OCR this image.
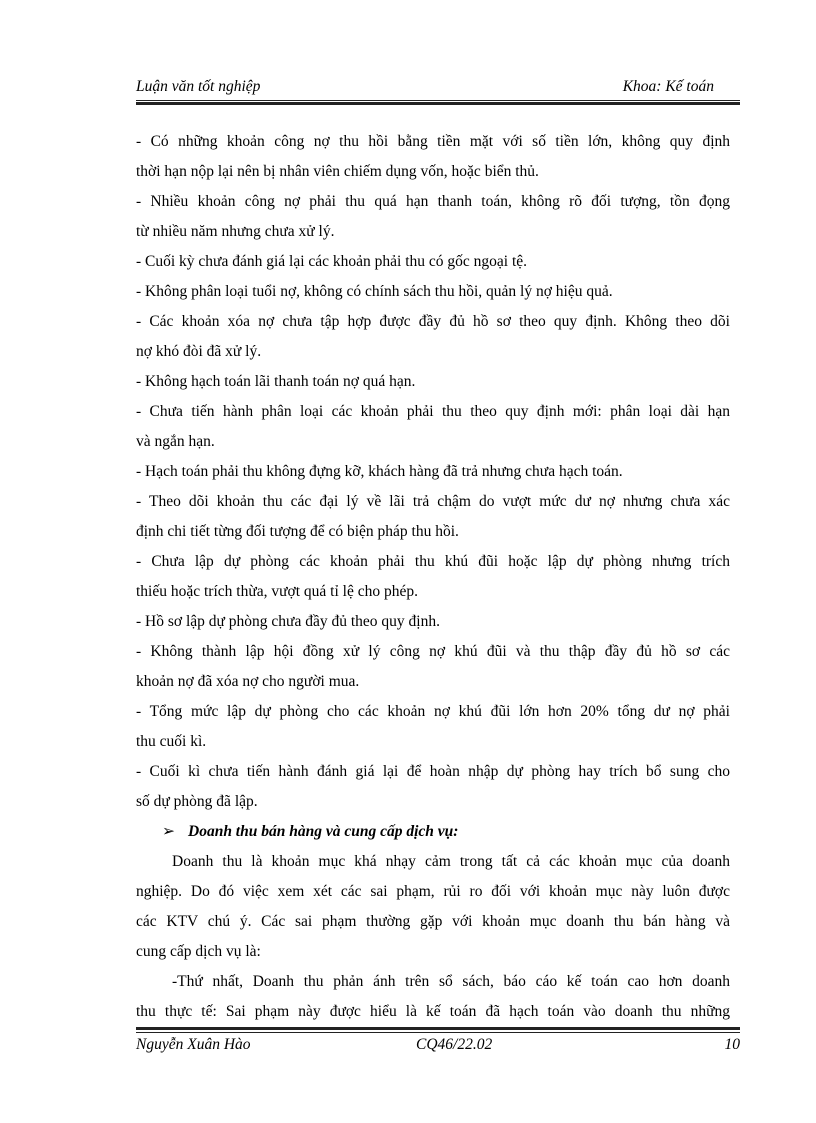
Luận văn tốt nghiệp	Khoa: Kế toán
- Có những khoản công nợ thu hồi bằng tiền mặt với số tiền lớn, không quy định
thời hạn nộp lại nên bị nhân viên chiếm dụng vốn, hoặc biển thủ.
- Nhiều khoản công nợ phải thu quá hạn thanh toán, không rõ đối tượng, tồn đọng
từ nhiều năm nhưng chưa xử lý.
- Cuối kỳ chưa đánh giá lại các khoản phải thu có gốc ngoại tệ.
- Không phân loại tuổi nợ, không có chính sách thu hồi, quản lý nợ hiệu quả.
- Các khoản xóa nợ chưa tập hợp được đầy đủ hồ sơ theo quy định. Không theo dõi
nợ khó đòi đã xử lý.
- Không hạch toán lãi thanh toán nợ quá hạn.
- Chưa tiến hành phân loại các khoản phải thu theo quy định mới: phân loại dài hạn
và ngắn hạn.
- Hạch toán phải thu không đựng kỡ, khách hàng đã trả nhưng chưa hạch toán.
- Theo dõi khoản thu các đại lý về lãi trả chậm do vượt mức dư nợ nhưng chưa xác
định chi tiết từng đối tượng để có biện pháp thu hồi.
- Chưa lập dự phòng các khoản phải thu khú đũi hoặc lập dự phòng nhưng trích
thiếu hoặc trích thừa, vượt quá tỉ lệ cho phép.
- Hồ sơ lập dự phòng chưa đầy đủ theo quy định.
- Không thành lập hội đồng xử lý công nợ khú đũi và thu thập đầy đủ hồ sơ các
khoản nợ đã xóa nợ cho người mua.
- Tổng mức lập dự phòng cho các khoản nợ khú đũi lớn hơn 20% tổng dư nợ phải
thu cuối kì.
- Cuối kì chưa tiến hành đánh giá lại để hoàn nhập dự phòng hay trích bổ sung cho
số dự phòng đã lập.
➢ Doanh thu bán hàng và cung cấp dịch vụ:
Doanh thu là khoản mục khá nhạy cảm trong tất cả các khoản mục của doanh
nghiệp. Do đó việc xem xét các sai phạm, rủi ro đối với khoản mục này luôn được
các KTV chú ý. Các sai phạm thường gặp với khoản mục doanh thu bán hàng và
cung cấp dịch vụ là:
-Thứ nhất, Doanh thu phản ánh trên sổ sách, báo cáo kế toán cao hơn doanh
thu thực tế: Sai phạm này được hiểu là kế toán đã hạch toán vào doanh thu những
Nguyễn Xuân Hào	CQ46/22.02	10
